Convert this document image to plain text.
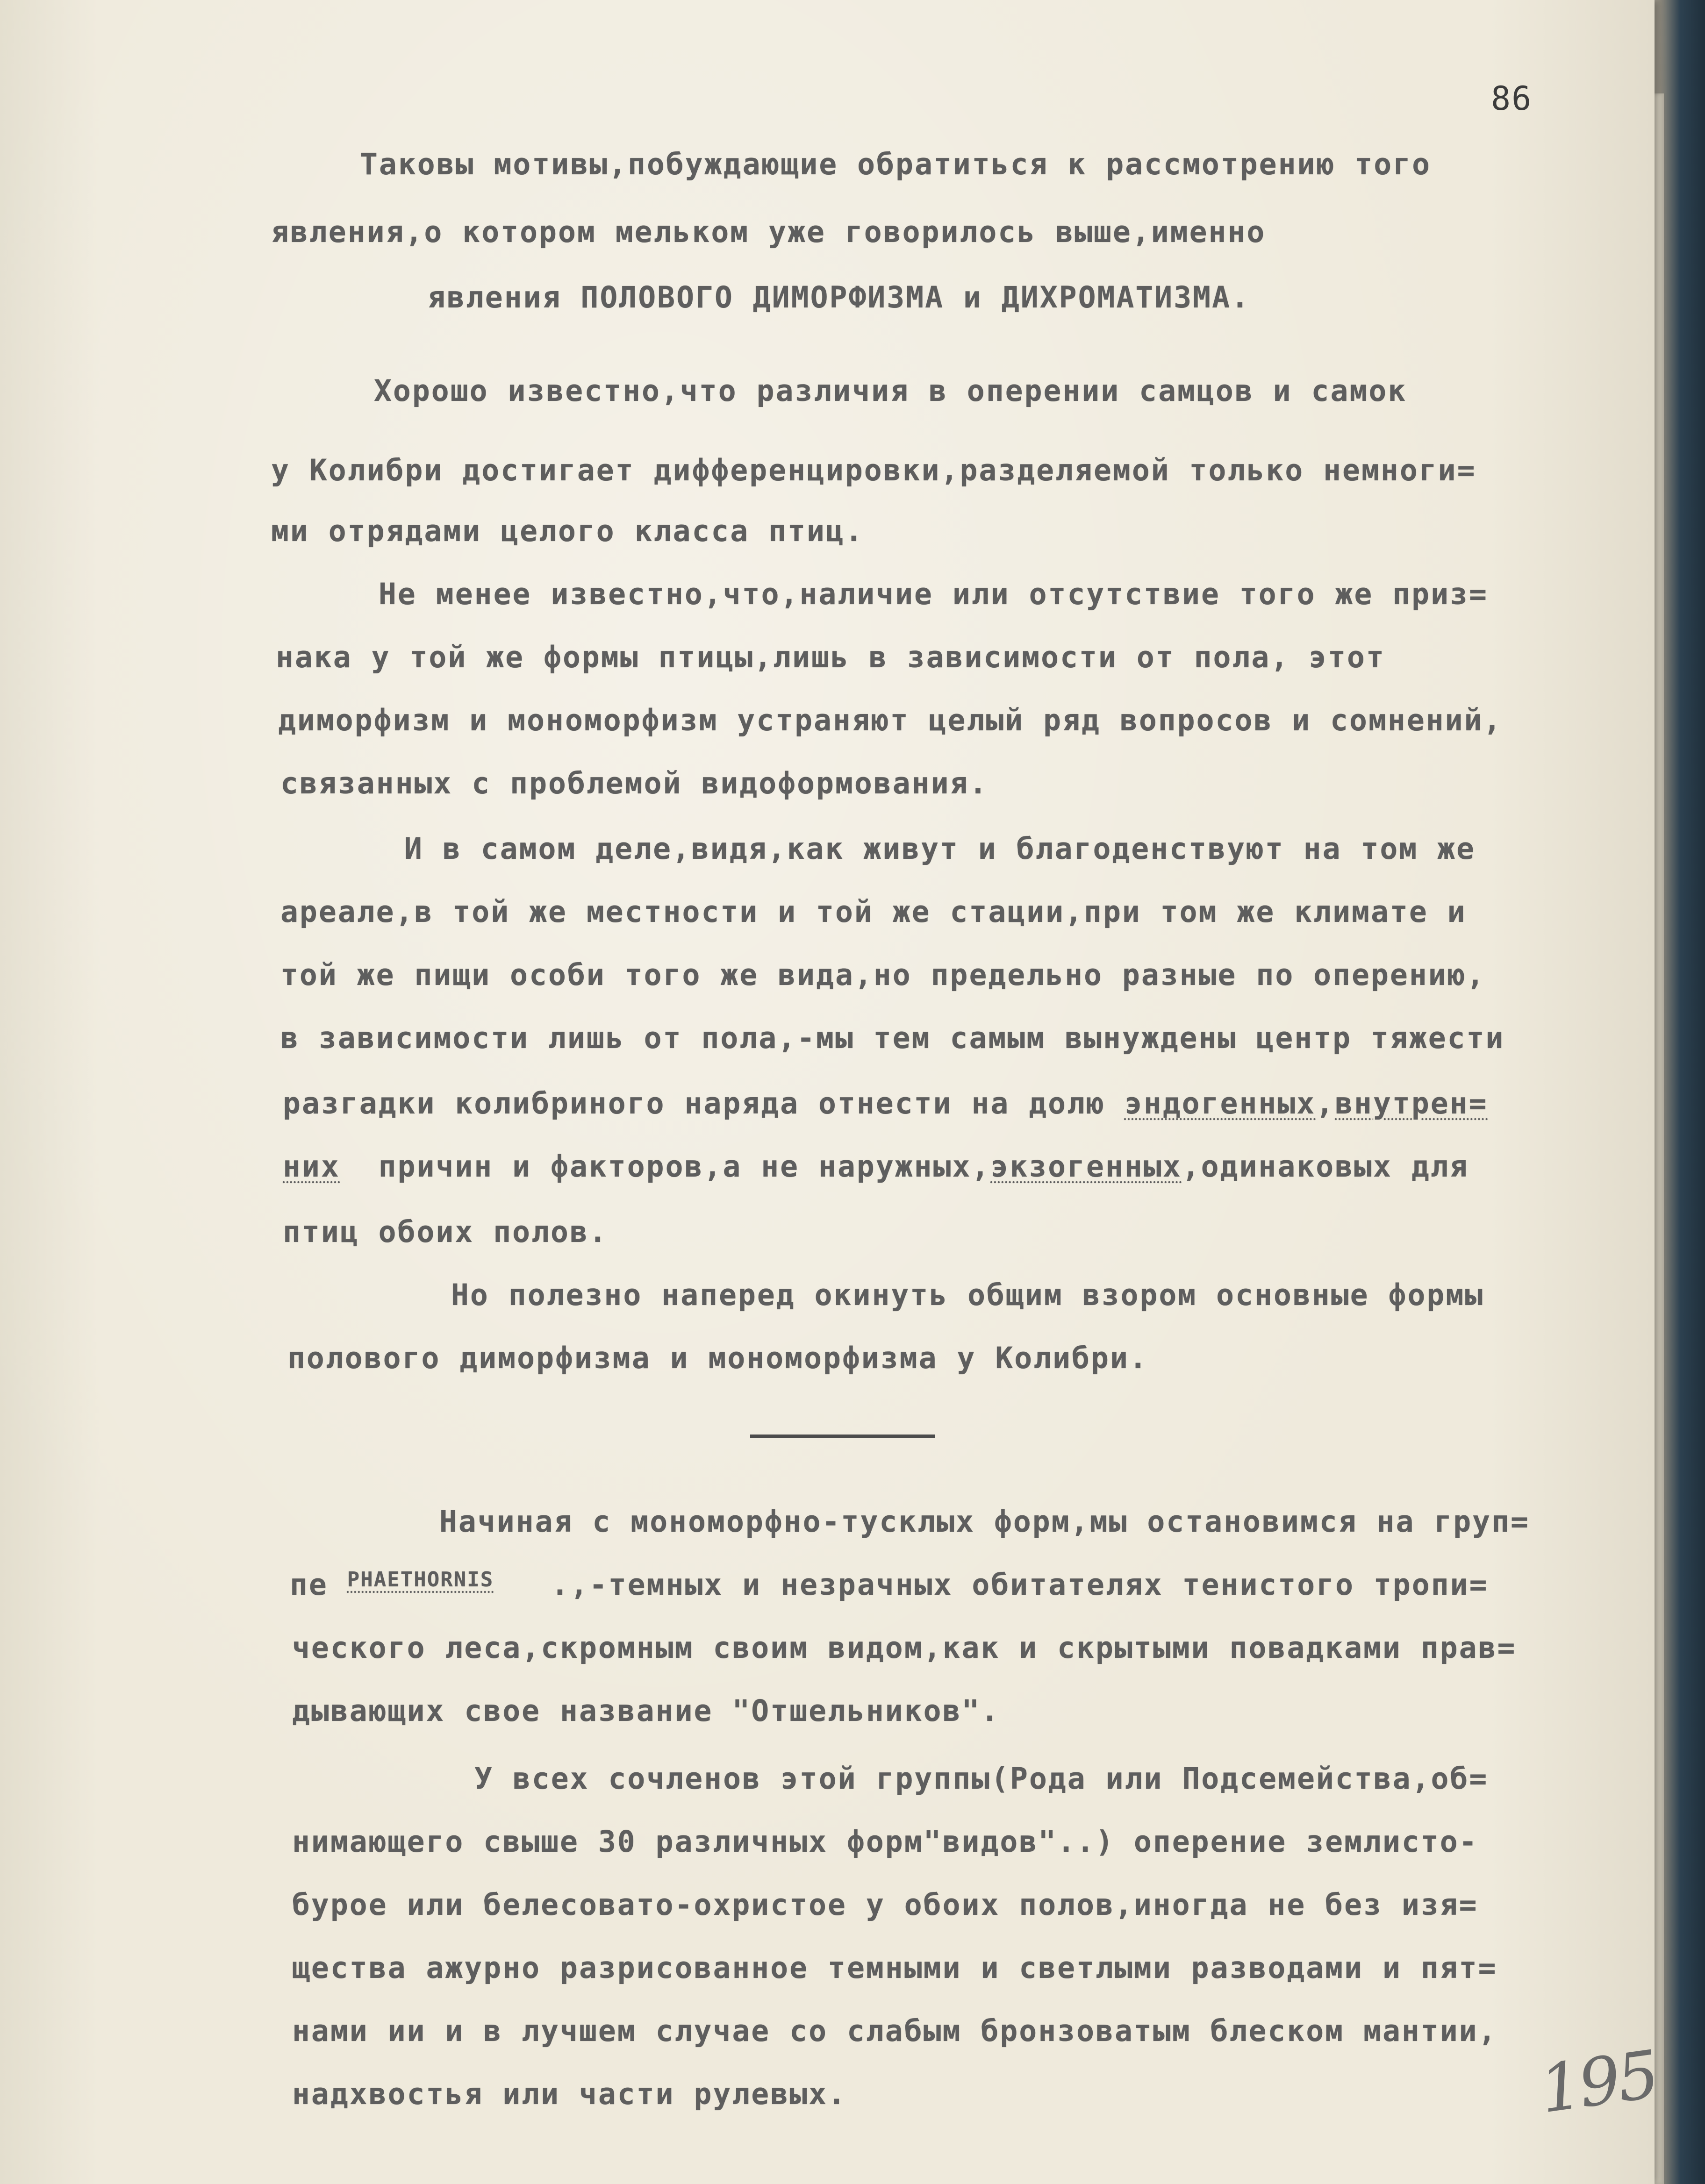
86
Таковы мотивы,побуждающие обратиться к рассмотрению того
явления,о котором мельком уже говорилось выше,именно
явления ПОЛОВОГО ДИМОРФИЗМА и ДИХРОМАТИЗМА.
Хорошо известно,что различия в оперении самцов и самок
у Колибри достигает дифференцировки,разделяемой только немноги=
ми отрядами целого класса птиц.
Не менее известно,что,наличие или отсутствие того же приз=
нака у той же формы птицы,лишь в зависимости от пола, этот
диморфизм и мономорфизм устраняют целый ряд вопросов и сомнений,
связанных с проблемой видоформования.
И в самом деле,видя,как живут и благоденствуют на том же
ареале,в той же местности и той же стации,при том же климате и
той же пищи особи того же вида,но предельно разные по оперению,
в зависимости лишь от пола,-мы тем самым вынуждены центр тяжести
разгадки колибриного наряда отнести на долю эндогенных,внутрен=
них  причин и факторов,а не наружных,экзогенных,одинаковых для
птиц обоих полов.
Но полезно наперед окинуть общим взором основные формы
полового диморфизма и мономорфизма у Колибри.
Начиная с мономорфно-тусклых форм,мы остановимся на груп=
пе $^{PHAETHORNIS}$   .,-темных и незрачных обитателях тенистого тропи=
ческого леса,скромным своим видом,как и скрытыми повадками прав=
дывающих свое название "Отшельников".
У всех сочленов этой группы(Рода или Подсемейства,об=
нимающего свыше 30 различных форм"видов"..) оперение землисто-
бурое или белесовато-охристое у обоих полов,иногда не без изя=
щества ажурно разрисованное темными и светлыми разводами и пят=
нами ии и в лучшем случае со слабым бронзоватым блеском мантии,
надхвостья или части рулевых.	195
